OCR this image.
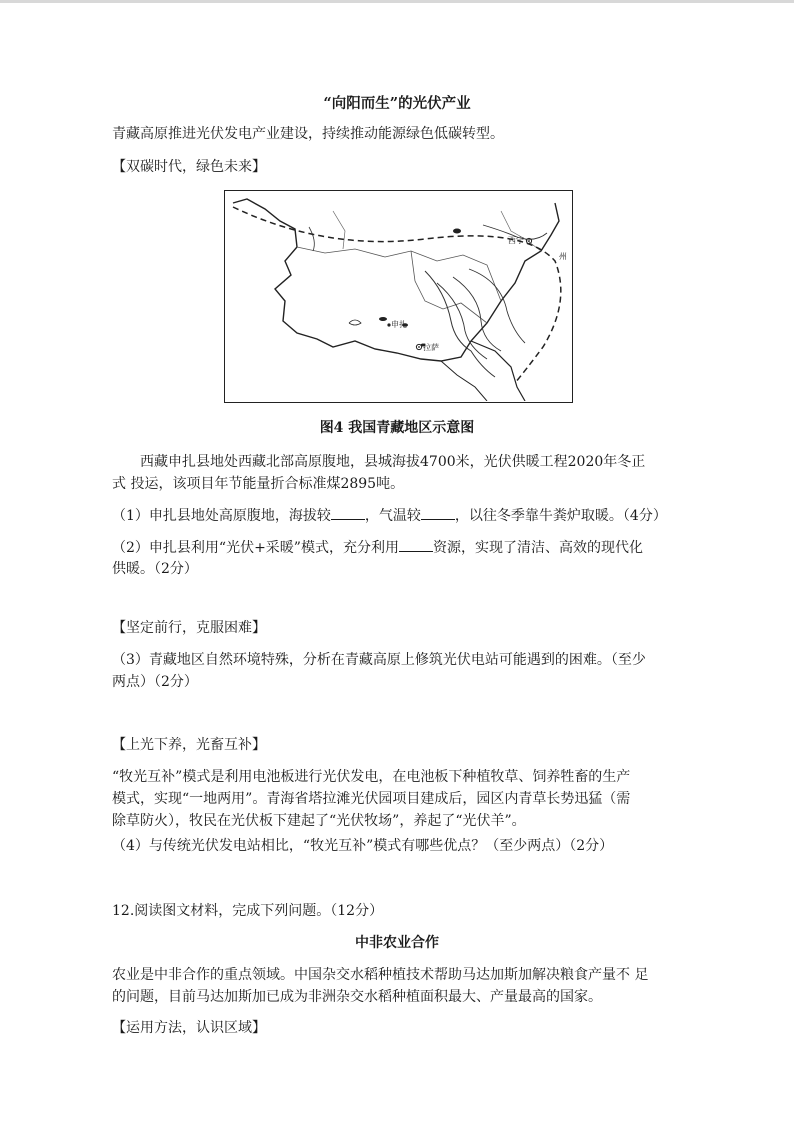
“向阳而生”的光伏产业
青藏高原推进光伏发电产业建设，持续推动能源绿色低碳转型。
【双碳时代，绿色未来】
西宁
州
申扎
拉萨
图4 我国青藏地区示意图
西藏申扎县地处西藏北部高原腹地，县城海拔4700米，光伏供暖工程2020年冬正
式 投运，该项目年节能量折合标准煤2895吨。
（1）申扎县地处高原腹地，海拔较 ，气温较 ，以往冬季靠牛粪炉取暖。（4分）
（2）申扎县利用“光伏+采暖”模式，充分利用 资源，实现了清洁、高效的现代化
供暖。（2分）
【坚定前行，克服困难】
（3）青藏地区自然环境特殊，分析在青藏高原上修筑光伏电站可能遇到的困难。（至少
两点）（2分）
【上光下养，光畜互补】
“牧光互补”模式是利用电池板进行光伏发电，在电池板下种植牧草、饲养牲畜的生产
模式，实现“一地两用”。青海省塔拉滩光伏园项目建成后，园区内青草长势迅猛（需
除草防火），牧民在光伏板下建起了“光伏牧场”，养起了“光伏羊”。
（4）与传统光伏发电站相比，“牧光互补”模式有哪些优点？（至少两点）（2分）
12.阅读图文材料，完成下列问题。（12分）
中非农业合作
农业是中非合作的重点领域。中国杂交水稻种植技术帮助马达加斯加解决粮食产量不 足
的问题，目前马达加斯加已成为非洲杂交水稻种植面积最大、产量最高的国家。
【运用方法，认识区域】
